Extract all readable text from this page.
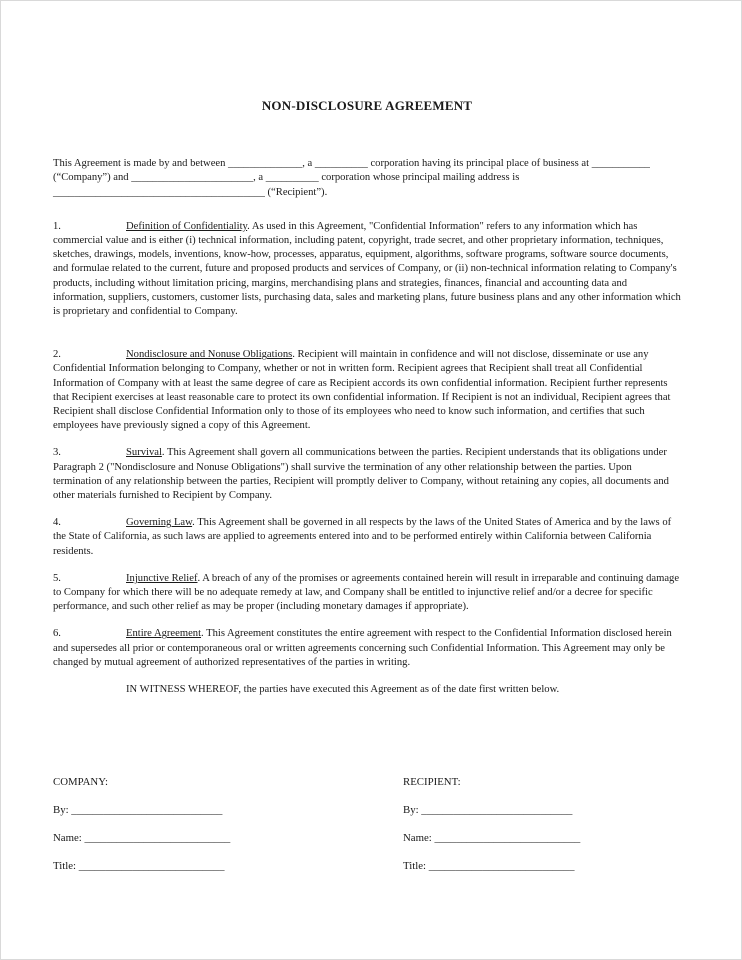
NON-DISCLOSURE AGREEMENT

This Agreement is made by and between ______________, a __________ corporation having its principal place of business at ___________ (“Company”) and _______________________, a __________ corporation whose principal mailing address is ________________________________________ (“Recipient”).

1.	Definition of Confidentiality. As used in this Agreement, "Confidential Information" refers to any information which has commercial value and is either (i) technical information, including patent, copyright, trade secret, and other proprietary information, techniques, sketches, drawings, models, inventions, know-how, processes, apparatus, equipment, algorithms, software programs, software source documents, and formulae related to the current, future and proposed products and services of Company, or (ii) non-technical information relating to Company's products, including without limitation pricing, margins, merchandising plans and strategies, finances, financial and accounting data and information, suppliers, customers, customer lists, purchasing data, sales and marketing plans, future business plans and any other information which is proprietary and confidential to Company.

2.	Nondisclosure and Nonuse Obligations. Recipient will maintain in confidence and will not disclose, disseminate or use any Confidential Information belonging to Company, whether or not in written form. Recipient agrees that Recipient shall treat all Confidential Information of Company with at least the same degree of care as Recipient accords its own confidential information. Recipient further represents that Recipient exercises at least reasonable care to protect its own confidential information. If Recipient is not an individual, Recipient agrees that Recipient shall disclose Confidential Information only to those of its employees who need to know such information, and certifies that such employees have previously signed a copy of this Agreement.

3.	Survival. This Agreement shall govern all communications between the parties. Recipient understands that its obligations under Paragraph 2 ("Nondisclosure and Nonuse Obligations") shall survive the termination of any other relationship between the parties. Upon termination of any relationship between the parties, Recipient will promptly deliver to Company, without retaining any copies, all documents and other materials furnished to Recipient by Company.

4.	Governing Law. This Agreement shall be governed in all respects by the laws of the United States of America and by the laws of the State of California, as such laws are applied to agreements entered into and to be performed entirely within California between California residents.

5.	Injunctive Relief. A breach of any of the promises or agreements contained herein will result in irreparable and continuing damage to Company for which there will be no adequate remedy at law, and Company shall be entitled to injunctive relief and/or a decree for specific performance, and such other relief as may be proper (including monetary damages if appropriate).

6.	Entire Agreement. This Agreement constitutes the entire agreement with respect to the Confidential Information disclosed herein and supersedes all prior or contemporaneous oral or written agreements concerning such Confidential Information. This Agreement may only be changed by mutual agreement of authorized representatives of the parties in writing.

IN WITNESS WHEREOF, the parties have executed this Agreement as of the date first written below.

COMPANY:
By: ____________________________
Name: ___________________________
Title: ___________________________
RECIPIENT:
By: ____________________________
Name: ___________________________
Title: ___________________________
